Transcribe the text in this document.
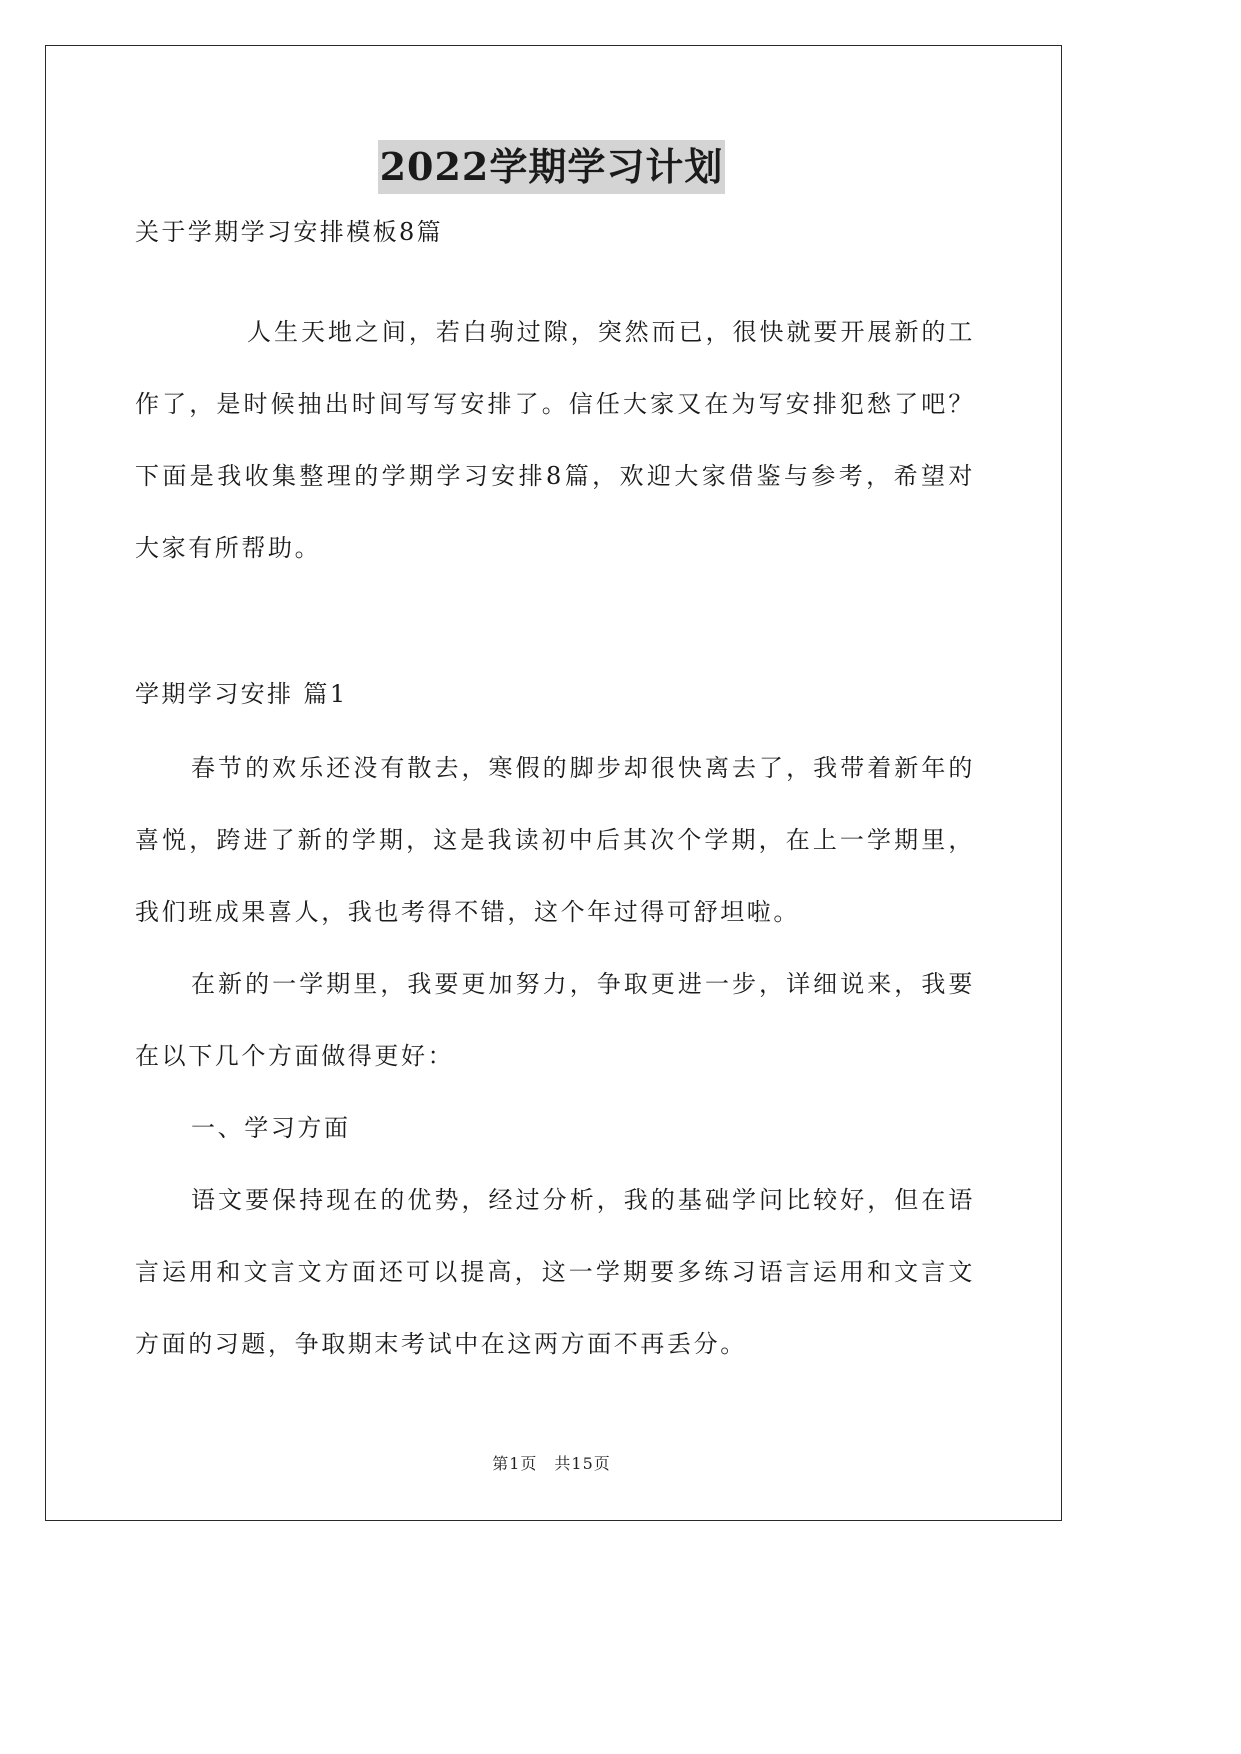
2022学期学习计划

关于学期学习安排模板8篇

人生天地之间，若白驹过隙，突然而已，很快就要开展新的工作了，是时候抽出时间写写安排了。信任大家又在为写安排犯愁了吧？下面是我收集整理的学期学习安排8篇，欢迎大家借鉴与参考，希望对大家有所帮助。

学期学习安排 篇1

春节的欢乐还没有散去，寒假的脚步却很快离去了，我带着新年的喜悦，跨进了新的学期，这是我读初中后其次个学期，在上一学期里，我们班成果喜人，我也考得不错，这个年过得可舒坦啦。

在新的一学期里，我要更加努力，争取更进一步，详细说来，我要在以下几个方面做得更好：

一、学习方面

语文要保持现在的优势，经过分析，我的基础学问比较好，但在语言运用和文言文方面还可以提高，这一学期要多练习语言运用和文言文方面的习题，争取期末考试中在这两方面不再丢分。

第1页　共15页
